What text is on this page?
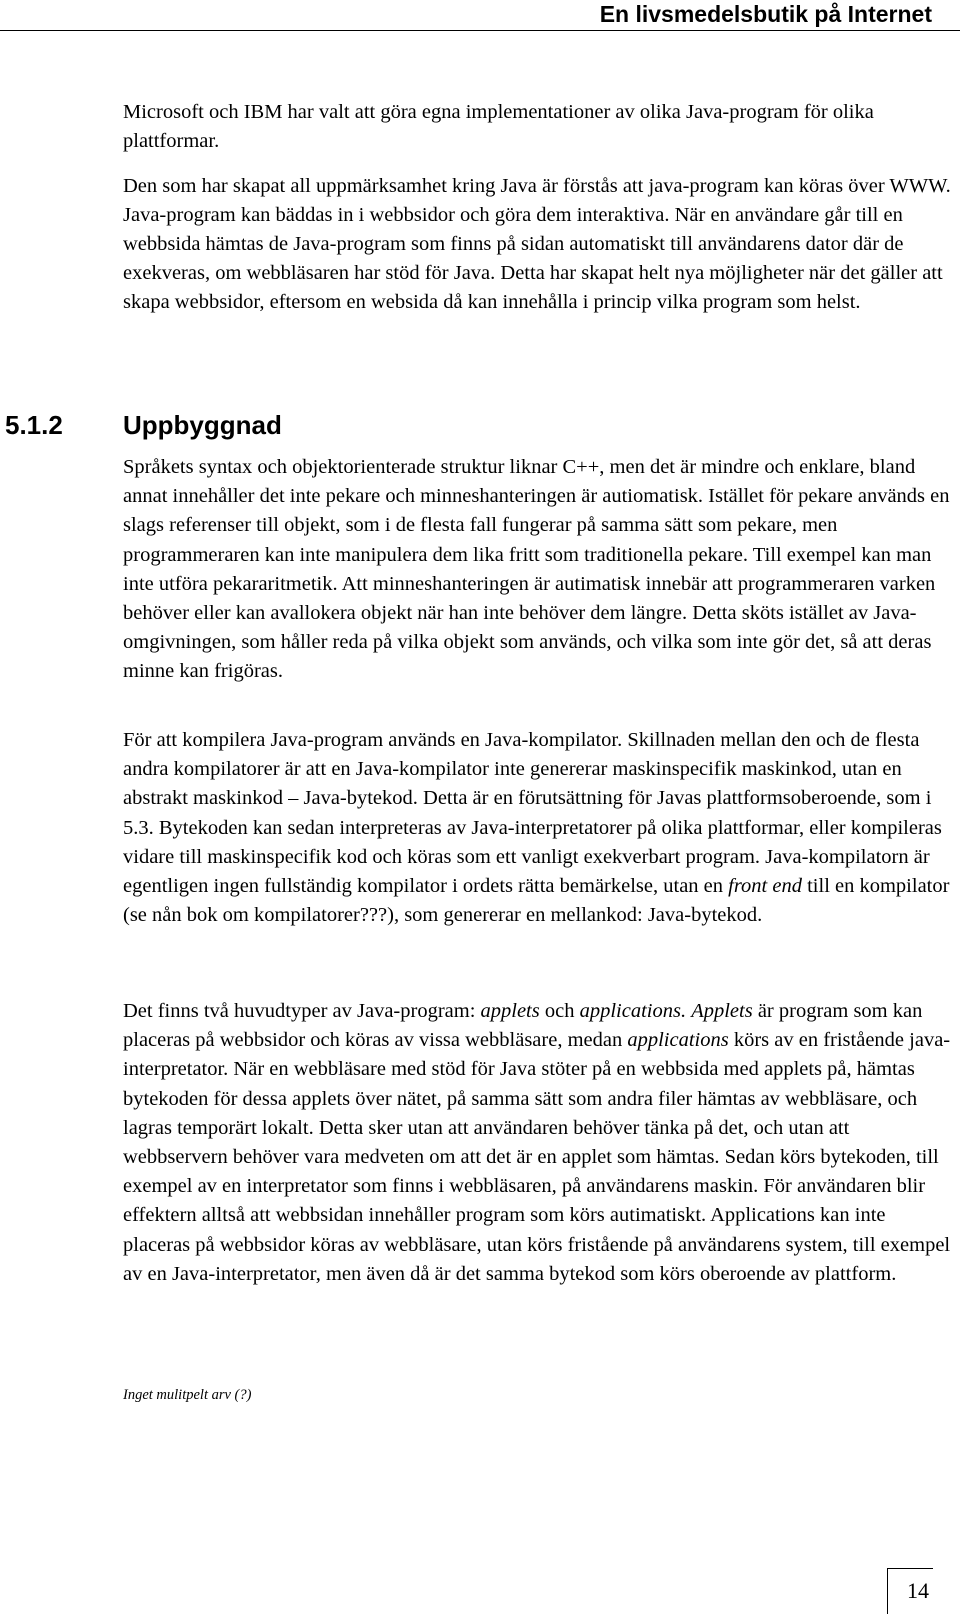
En livsmedelsbutik på Internet

Microsoft och IBM har valt att göra egna implementationer av olika Java-program för olika plattformar.

Den som har skapat all uppmärksamhet kring Java är förstås att java-program kan köras över WWW. Java-program kan bäddas in i webbsidor och göra dem interaktiva. När en användare går till en webbsida hämtas de Java-program som finns på sidan automatiskt till användarens dator där de exekveras, om webbläsaren har stöd för Java. Detta har skapat helt nya möjligheter när det gäller att skapa webbsidor, eftersom en websida då kan innehålla i princip vilka program som helst.

5.1.2 Uppbyggnad

Språkets syntax och objektorienterade struktur liknar C++, men det är mindre och enklare, bland annat innehåller det inte pekare och minneshanteringen är autiomatisk. Istället för pekare används en slags referenser till objekt, som i de flesta fall fungerar på samma sätt som pekare, men programmeraren kan inte manipulera dem lika fritt som traditionella pekare. Till exempel kan man inte utföra pekararitmetik. Att minneshanteringen är autimatisk innebär att programmeraren varken behöver eller kan avallokera objekt när han inte behöver dem längre. Detta sköts istället av Java-omgivningen, som håller reda på vilka objekt som används, och vilka som inte gör det, så att deras minne kan frigöras.

För att kompilera Java-program används en Java-kompilator. Skillnaden mellan den och de flesta andra kompilatorer är att en Java-kompilator inte genererar maskinspecifik maskinkod, utan en abstrakt maskinkod – Java-bytekod. Detta är en förutsättning för Javas plattformsoberoende, som i 5.3. Bytekoden kan sedan interpreteras av Java-interpretatorer på olika plattformar, eller kompileras vidare till maskinspecifik kod och köras som ett vanligt exekverbart program. Java-kompilatorn är egentligen ingen fullständig kompilator i ordets rätta bemärkelse, utan en front end till en kompilator (se nån bok om kompilatorer???), som genererar en mellankod: Java-bytekod.

Det finns två huvudtyper av Java-program: applets och applications. Applets är program som kan placeras på webbsidor och köras av vissa webbläsare, medan applications körs av en fristående java-interpretator. När en webbläsare med stöd för Java stöter på en webbsida med applets på, hämtas bytekoden för dessa applets över nätet, på samma sätt som andra filer hämtas av webbläsare, och lagras temporärt lokalt. Detta sker utan att användaren behöver tänka på det, och utan att webbservern behöver vara medveten om att det är en applet som hämtas. Sedan körs bytekoden, till exempel av en interpretator som finns i webbläsaren, på användarens maskin. För användaren blir effektern alltså att webbsidan innehåller program som körs autimatiskt. Applications kan inte placeras på webbsidor köras av webbläsare, utan körs fristående på användarens system, till exempel av en Java-interpretator, men även då är det samma bytekod som körs oberoende av plattform.

Inget mulitpelt arv (?)
14
